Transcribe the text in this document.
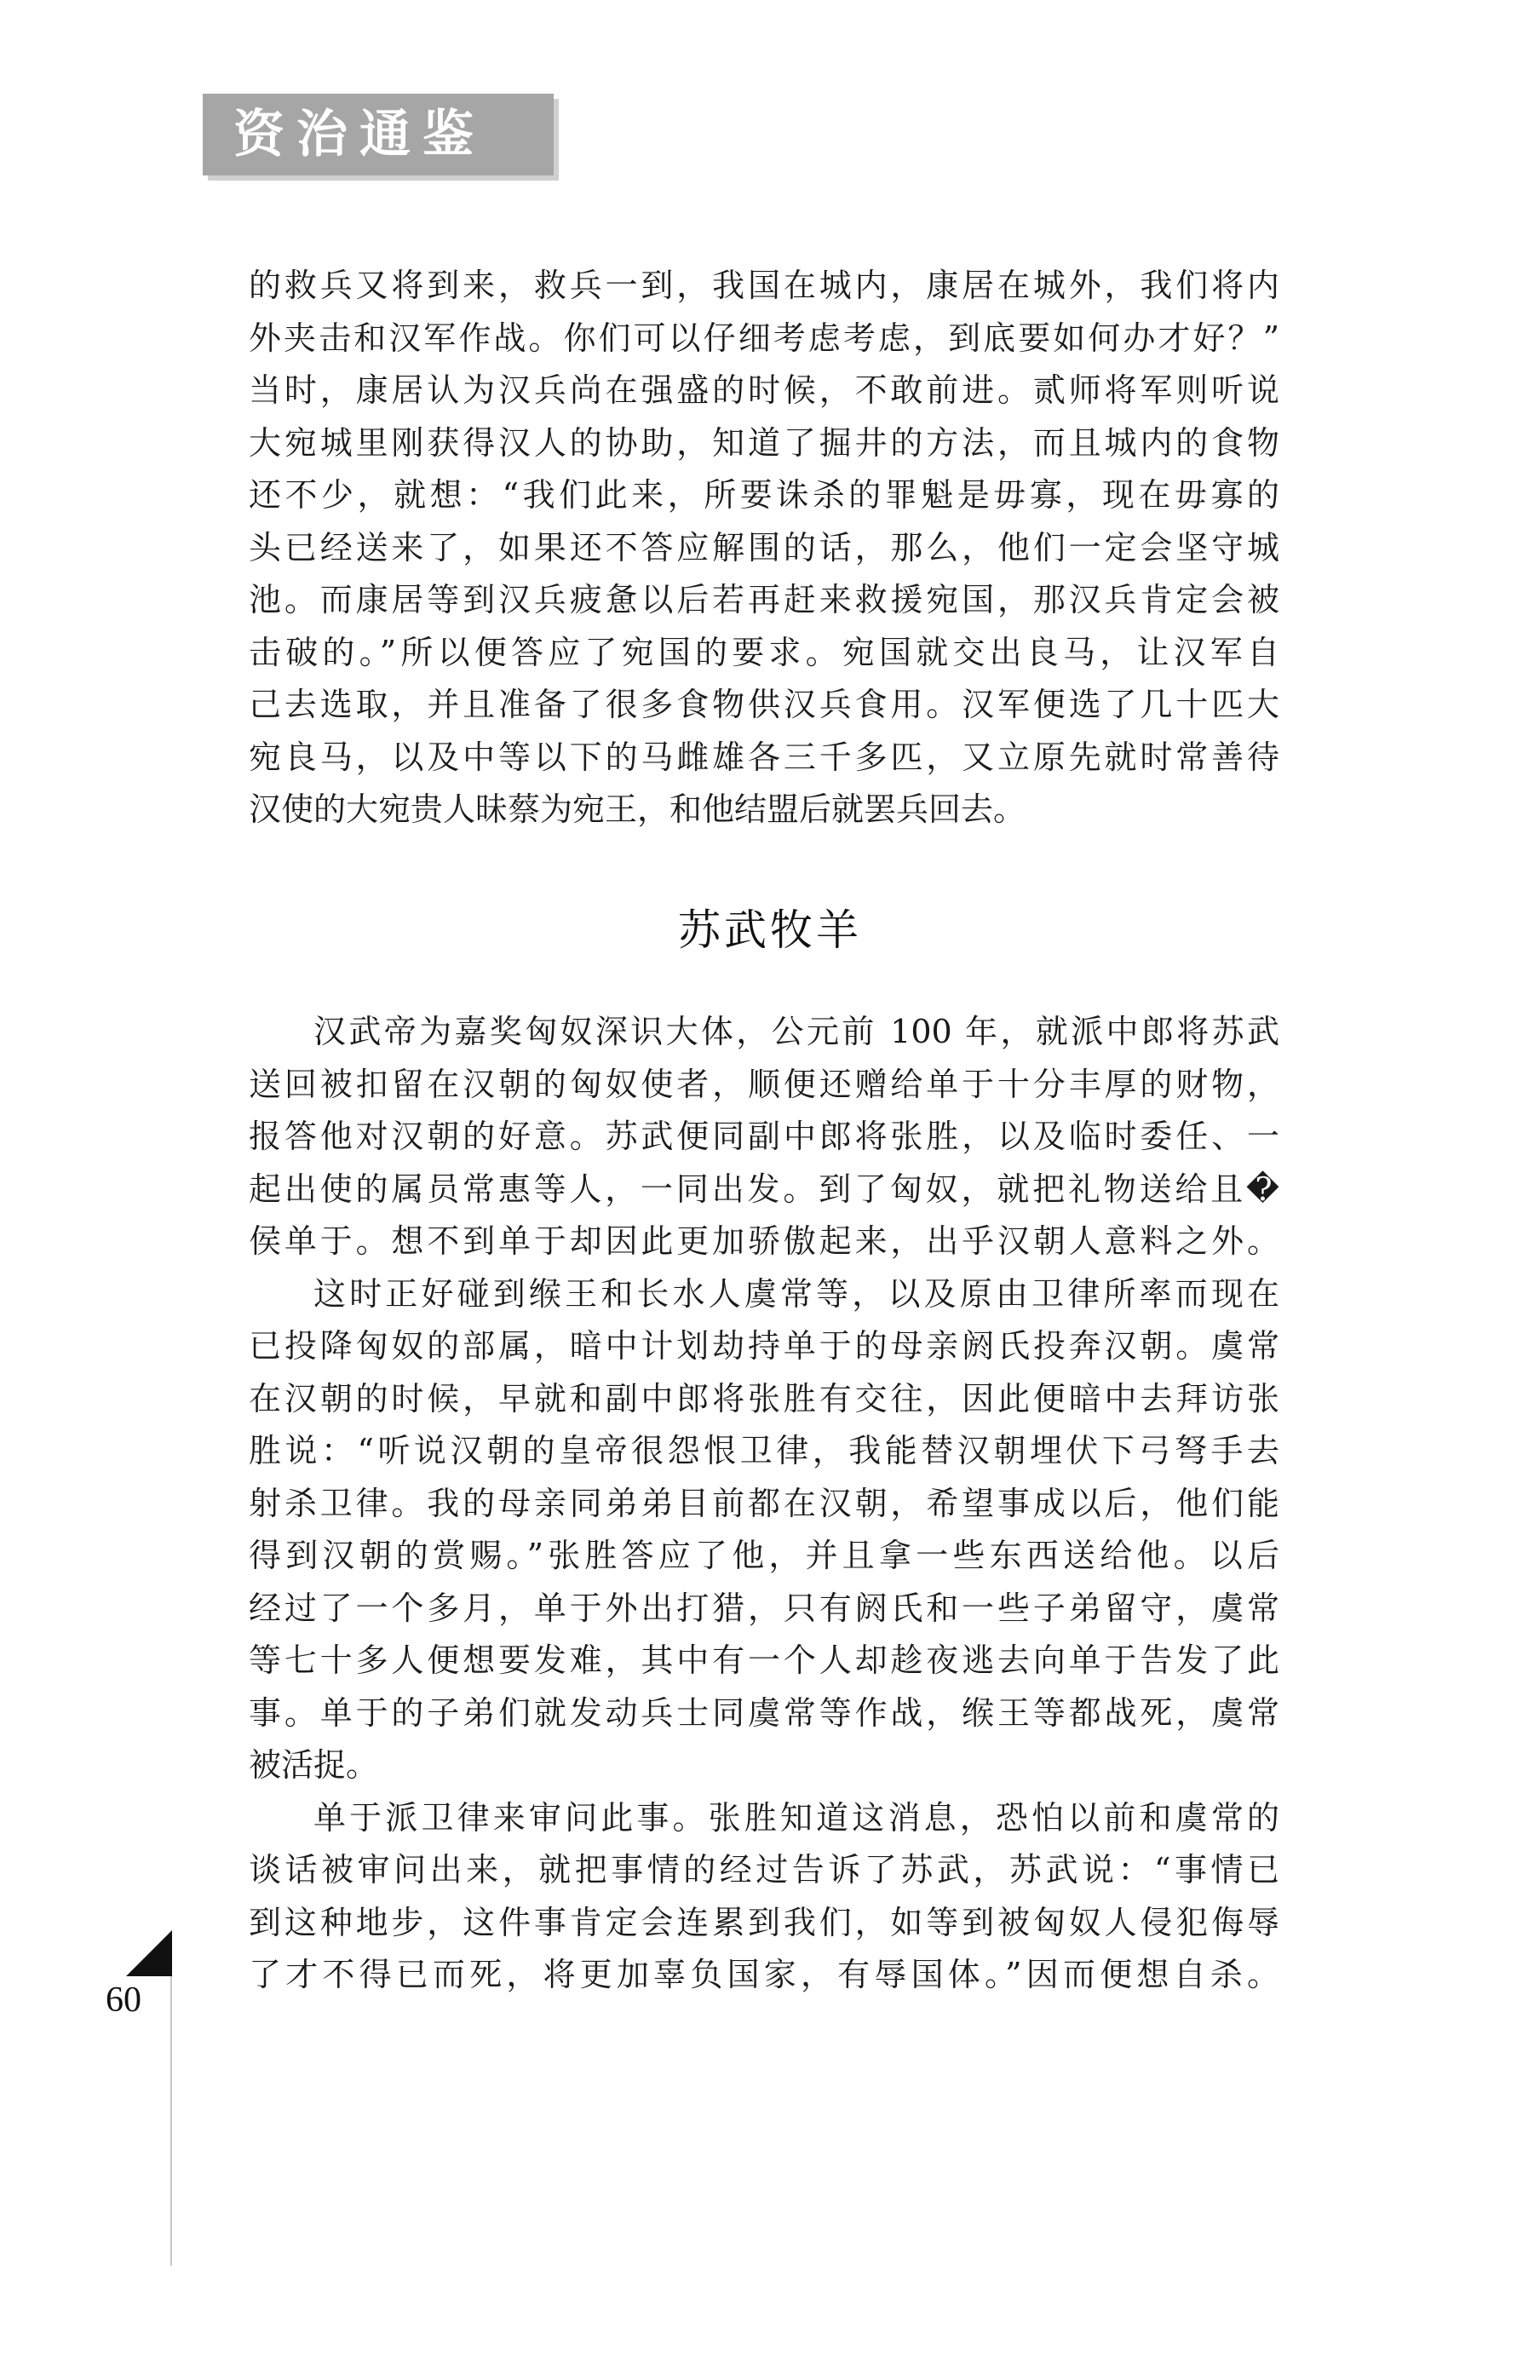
资治通鉴
的救兵又将到来，救兵一到，我国在城内，康居在城外，我们将内
外夹击和汉军作战。你们可以仔细考虑考虑，到底要如何办才好？”
当时，康居认为汉兵尚在强盛的时候，不敢前进。贰师将军则听说
大宛城里刚获得汉人的协助，知道了掘井的方法，而且城内的食物
还不少，就想：“我们此来，所要诛杀的罪魁是毋寡，现在毋寡的
头已经送来了，如果还不答应解围的话，那么，他们一定会坚守城
池。而康居等到汉兵疲惫以后若再赶来救援宛国，那汉兵肯定会被
击破的。”所以便答应了宛国的要求。宛国就交出良马，让汉军自
己去选取，并且准备了很多食物供汉兵食用。汉军便选了几十匹大
宛良马，以及中等以下的马雌雄各三千多匹，又立原先就时常善待
汉使的大宛贵人昧蔡为宛王，和他结盟后就罢兵回去。
苏武牧羊
汉武帝为嘉奖匈奴深识大体，公元前 100 年，就派中郎将苏武
送回被扣留在汉朝的匈奴使者，顺便还赠给单于十分丰厚的财物，
报答他对汉朝的好意。苏武便同副中郎将张胜，以及临时委任、一
起出使的属员常惠等人，一同出发。到了匈奴，就把礼物送给且�
侯单于。想不到单于却因此更加骄傲起来，出乎汉朝人意料之外。
这时正好碰到缑王和长水人虞常等，以及原由卫律所率而现在
已投降匈奴的部属，暗中计划劫持单于的母亲阏氏投奔汉朝。虞常
在汉朝的时候，早就和副中郎将张胜有交往，因此便暗中去拜访张
胜说：“听说汉朝的皇帝很怨恨卫律，我能替汉朝埋伏下弓弩手去
射杀卫律。我的母亲同弟弟目前都在汉朝，希望事成以后，他们能
得到汉朝的赏赐。”张胜答应了他，并且拿一些东西送给他。以后
经过了一个多月，单于外出打猎，只有阏氏和一些子弟留守，虞常
等七十多人便想要发难，其中有一个人却趁夜逃去向单于告发了此
事。单于的子弟们就发动兵士同虞常等作战，缑王等都战死，虞常
被活捉。
单于派卫律来审问此事。张胜知道这消息，恐怕以前和虞常的
谈话被审问出来，就把事情的经过告诉了苏武，苏武说：“事情已
到这种地步，这件事肯定会连累到我们，如等到被匈奴人侵犯侮辱
了才不得已而死，将更加辜负国家，有辱国体。”因而便想自杀。
60
